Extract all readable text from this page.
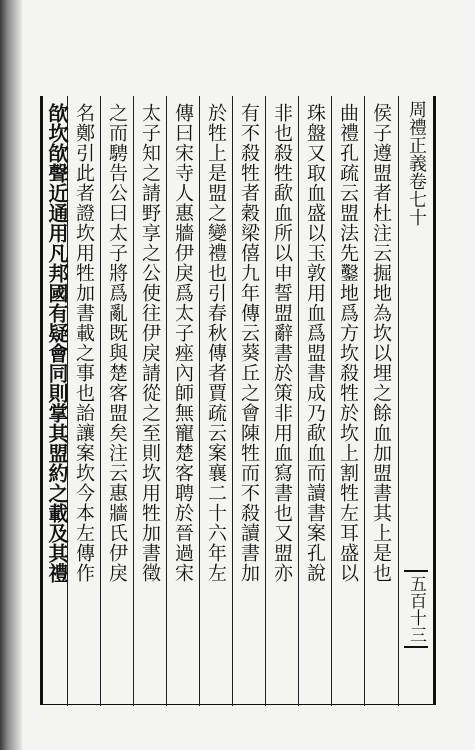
侯子遵盟者杜注云掘地為坎以埋之餘血加盟書其上是也
曲禮孔疏云盟法先鑿地爲方坎殺牲於坎上割牲左耳盛以
珠盤又取血盛以玉敦用血爲盟書成乃歃血而讀書案孔說
非也殺牲歃血所以申誓盟辭書於策非用血寫書也又盟亦
有不殺牲者穀梁僖九年傳云葵丘之會陳牲而不殺讀書加
於牲上是盟之變禮也引春秋傳者賈疏云案襄二十六年左
傳曰宋寺人惠牆伊戾爲太子痤內師無寵楚客聘於晉過宋
太子知之請野享之公使往伊戾請從之至則坎用牲加書徵
之而騁告公曰太子將爲亂既與楚客盟矣注云惠牆氏伊戾
名鄭引此者證坎用牲加書載之事也詒讓案坎今本左傳作
欿坎欿聲近通用凡邦國有疑會同則掌其盟約之載及其禮	周禮正義卷七十
五百十三
